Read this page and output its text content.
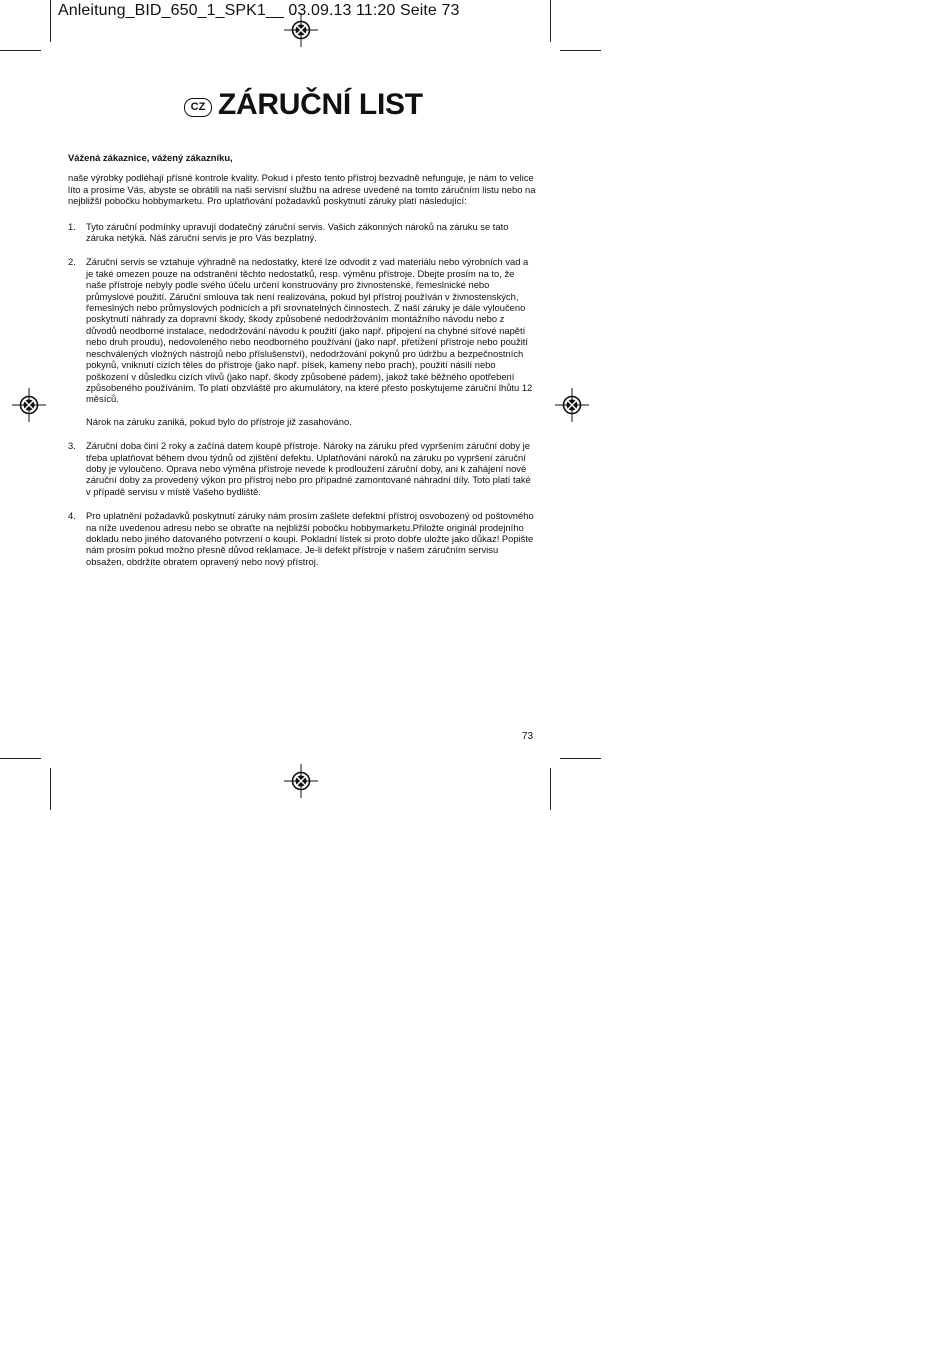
Anleitung_BID_650_1_SPK1__ 03.09.13 11:20 Seite 73
CZ ZÁRUČNÍ LIST

Vážená zákaznice, vážený zákazníku,

naše výrobky podléhají přísné kontrole kvality. Pokud i přesto tento přístroj bezvadně nefunguje, je nám to velice líto a prosíme Vás, abyste se obrátili na naši servisní službu na adrese uvedené na tomto záručním listu nebo na nejbližší pobočku hobbymarketu. Pro uplatňování požadavků poskytnutí záruky platí následující:

1.	Tyto záruční podmínky upravují dodatečný záruční servis. Vašich zákonných nároků na záruku se tato záruka netýká. Náš záruční servis je pro Vás bezplatný.

2.	Záruční servis se vztahuje výhradně na nedostatky, které lze odvodit z vad materiálu nebo výrobních vad a je také omezen pouze na odstranění těchto nedostatků, resp. výměnu přístroje. Dbejte prosím na to, že naše přístroje nebyly podle svého účelu určení konstruovány pro živnostenské, řemeslnické nebo průmyslové použití. Záruční smlouva tak není realizována, pokud byl přístroj používán v živnostenských, řemeslných nebo průmyslových podnicích a při srovnatelných činnostech. Z naší záruky je dále vyloučeno poskytnutí náhrady za dopravní škody, škody způsobené nedodržováním montážního návodu nebo z důvodů neodborné instalace, nedodržování návodu k použití (jako např. připojení na chybné síťové napětí nebo druh proudu), nedovoleného nebo neodborného používání (jako např. přetížení přístroje nebo použití neschválených vložných nástrojů nebo příslušenství), nedodržování pokynů pro údržbu a bezpečnostních pokynů, vniknutí cizích těles do přístroje (jako např. písek, kameny nebo prach), použití násilí nebo poškození v důsledku cizích vlivů (jako např. škody způsobené pádem), jakož také běžného opotřebení způsobeného používáním. To platí obzvláště pro akumulátory, na které přesto poskytujeme záruční lhůtu 12 měsíců.

Nárok na záruku zaniká, pokud bylo do přístroje již zasahováno.

3.	Záruční doba činí 2 roky a začíná datem koupě přístroje. Nároky na záruku před vypršením záruční doby je třeba uplatňovat během dvou týdnů od zjištění defektu. Uplatňování nároků na záruku po vypršení záruční doby je vyloučeno. Oprava nebo výměna přístroje nevede k prodloužení záruční doby, ani k zahájení nové záruční doby za provedený výkon pro přístroj nebo pro případné zamontované náhradní díly. Toto platí také v případě servisu v místě Vašeho bydliště.

4.	Pro uplatnění požadavků poskytnutí záruky nám prosím zašlete defektní přístroj osvobozený od poštovného na níže uvedenou adresu nebo se obraťte na nejbližší pobočku hobbymarketu.Přiložte originál prodejního dokladu nebo jiného datovaného potvrzení o koupi. Pokladní lístek si proto dobře uložte jako důkaz! Popište nám prosím pokud možno přesně důvod reklamace. Je-li defekt přístroje v našem záručním servisu obsažen, obdržíte obratem opravený nebo nový přístroj.

73
